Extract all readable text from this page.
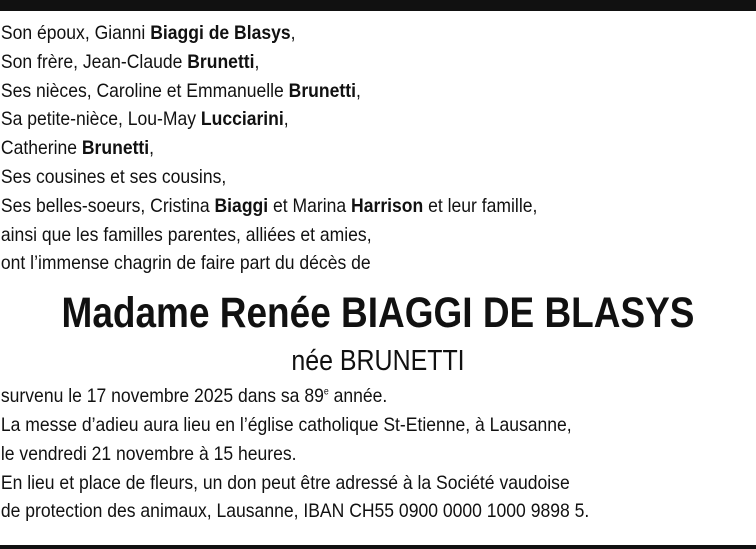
Son époux, Gianni Biaggi de Blasys,
Son frère, Jean-Claude Brunetti,
Ses nièces, Caroline et Emmanuelle Brunetti,
Sa petite-nièce, Lou-May Lucciarini,
Catherine Brunetti,
Ses cousines et ses cousins,
Ses belles-soeurs, Cristina Biaggi et Marina Harrison et leur famille,
ainsi que les familles parentes, alliées et amies,
ont l’immense chagrin de faire part du décès de
Madame Renée BIAGGI DE BLASYS
née BRUNETTI
survenu le 17 novembre 2025 dans sa 89e année.
La messe d’adieu aura lieu en l’église catholique St-Etienne, à Lausanne,
le vendredi 21 novembre à 15 heures.
En lieu et place de fleurs, un don peut être adressé à la Société vaudoise
de protection des animaux, Lausanne, IBAN CH55 0900 0000 1000 9898 5.
